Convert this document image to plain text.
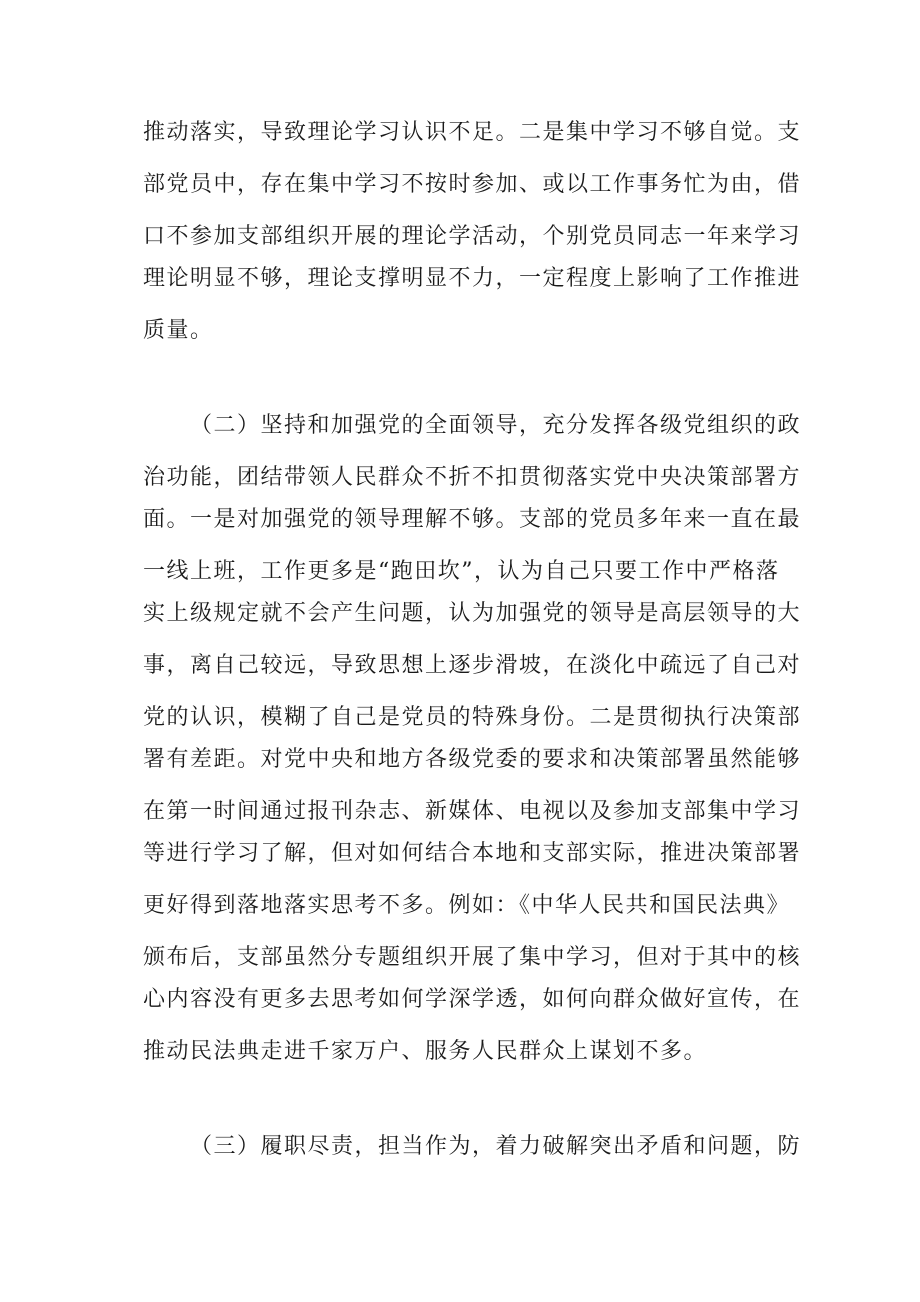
推动落实，导致理论学习认识不足。二是集中学习不够自觉。支
部党员中，存在集中学习不按时参加、或以工作事务忙为由，借
口不参加支部组织开展的理论学活动，个别党员同志一年来学习
理论明显不够，理论支撑明显不力，一定程度上影响了工作推进
质量。
（二）坚持和加强党的全面领导，充分发挥各级党组织的政
治功能，团结带领人民群众不折不扣贯彻落实党中央决策部署方
面。一是对加强党的领导理解不够。支部的党员多年来一直在最
一线上班，工作更多是“跑田坎”，认为自己只要工作中严格落
实上级规定就不会产生问题，认为加强党的领导是高层领导的大
事，离自己较远，导致思想上逐步滑坡，在淡化中疏远了自己对
党的认识，模糊了自己是党员的特殊身份。二是贯彻执行决策部
署有差距。对党中央和地方各级党委的要求和决策部署虽然能够
在第一时间通过报刊杂志、新媒体、电视以及参加支部集中学习
等进行学习了解，但对如何结合本地和支部实际，推进决策部署
更好得到落地落实思考不多。例如：《中华人民共和国民法典》
颁布后，支部虽然分专题组织开展了集中学习，但对于其中的核
心内容没有更多去思考如何学深学透，如何向群众做好宣传，在
推动民法典走进千家万户、服务人民群众上谋划不多。
（三）履职尽责，担当作为，着力破解突出矛盾和问题，防
